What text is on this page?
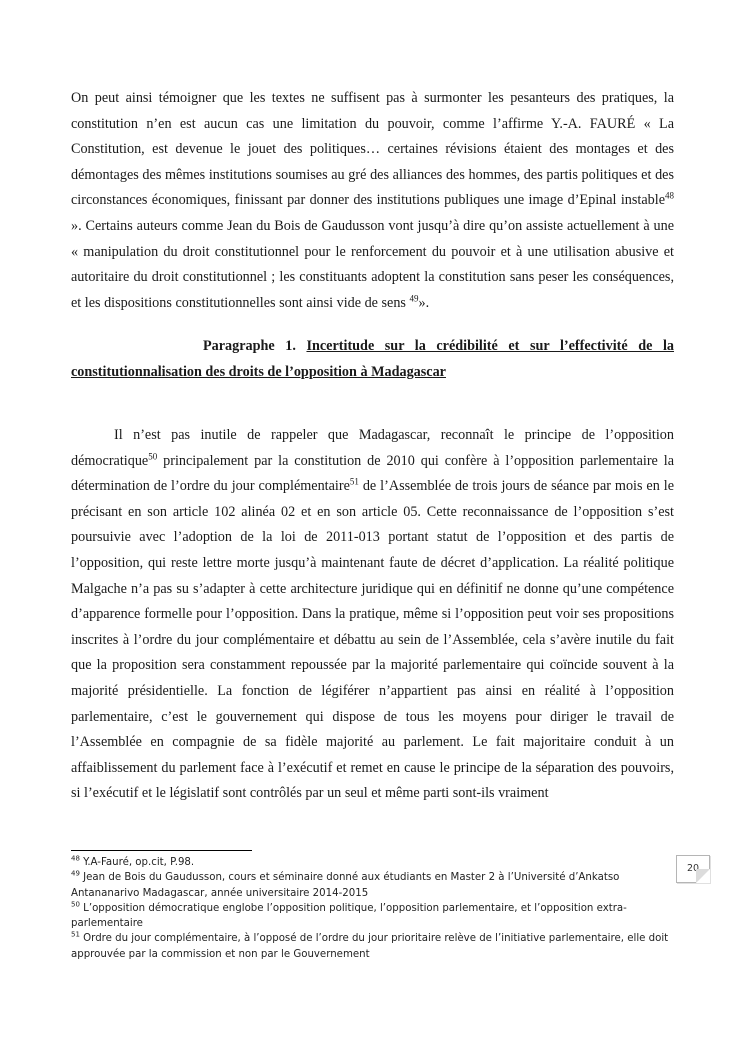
On peut ainsi témoigner que les textes ne suffisent pas à surmonter les pesanteurs des pratiques, la constitution n’en est aucun cas une limitation du pouvoir, comme l’affirme Y.-A. FAURÉ « La Constitution, est devenue le jouet des politiques… certaines révisions étaient des montages et des démontages des mêmes institutions soumises au gré des alliances des hommes, des partis politiques et des circonstances économiques, finissant par donner des institutions publiques une image d’Epinal instable$^{48}$ ». Certains auteurs comme Jean du Bois de Gaudusson vont jusqu’à dire qu’on assiste actuellement à une « manipulation du droit constitutionnel pour le renforcement du pouvoir et à une utilisation abusive et autoritaire du droit constitutionnel ; les constituants adoptent la constitution sans peser les conséquences, et les dispositions constitutionnelles sont ainsi vide de sens $^{49}$».

Paragraphe 1. Incertitude sur la crédibilité et sur l’effectivité de la constitutionnalisation des droits de l’opposition à Madagascar

Il n’est pas inutile de rappeler que Madagascar, reconnaît le principe de l’opposition démocratique$^{50}$ principalement par la constitution de 2010 qui confère à l’opposition parlementaire la détermination de l’ordre du jour complémentaire$^{51}$ de l’Assemblée de trois jours de séance par mois en le précisant en son article 102 alinéa 02 et en son article 05. Cette reconnaissance de l’opposition s’est poursuivie avec l’adoption de la loi de 2011-013 portant statut de l’opposition et des partis de l’opposition, qui reste lettre morte jusqu’à maintenant faute de décret d’application. La réalité politique Malgache n’a pas su s’adapter à cette architecture juridique qui en définitif ne donne qu’une compétence d’apparence formelle pour l’opposition. Dans la pratique, même si l’opposition peut voir ses propositions inscrites à l’ordre du jour complémentaire et débattu au sein de l’Assemblée, cela s’avère inutile du fait que la proposition sera constamment repoussée par la majorité parlementaire qui coïncide souvent à la majorité présidentielle. La fonction de légiférer n’appartient pas ainsi en réalité à l’opposition parlementaire, c’est le gouvernement qui dispose de tous les moyens pour diriger le travail de l’Assemblée en compagnie de sa fidèle majorité au parlement. Le fait majoritaire conduit à un affaiblissement du parlement face à l’exécutif et remet en cause le principe de la séparation des pouvoirs, si l’exécutif et le législatif sont contrôlés par un seul et même parti sont-ils vraiment

$^{48}$ Y.A-Fauré, op.cit, P.98.

$^{49}$ Jean de Bois du Gaudusson, cours et séminaire donné aux étudiants en Master 2 à l’Université d’Ankatso Antananarivo Madagascar, année universitaire 2014-2015

$^{50}$ L’opposition démocratique englobe l’opposition politique, l’opposition parlementaire, et l’opposition extra-parlementaire

$^{51}$ Ordre du jour complémentaire, à l’opposé de l’ordre du jour prioritaire relève de l’initiative parlementaire, elle doit approuvée par la commission et non par le Gouvernement

20
